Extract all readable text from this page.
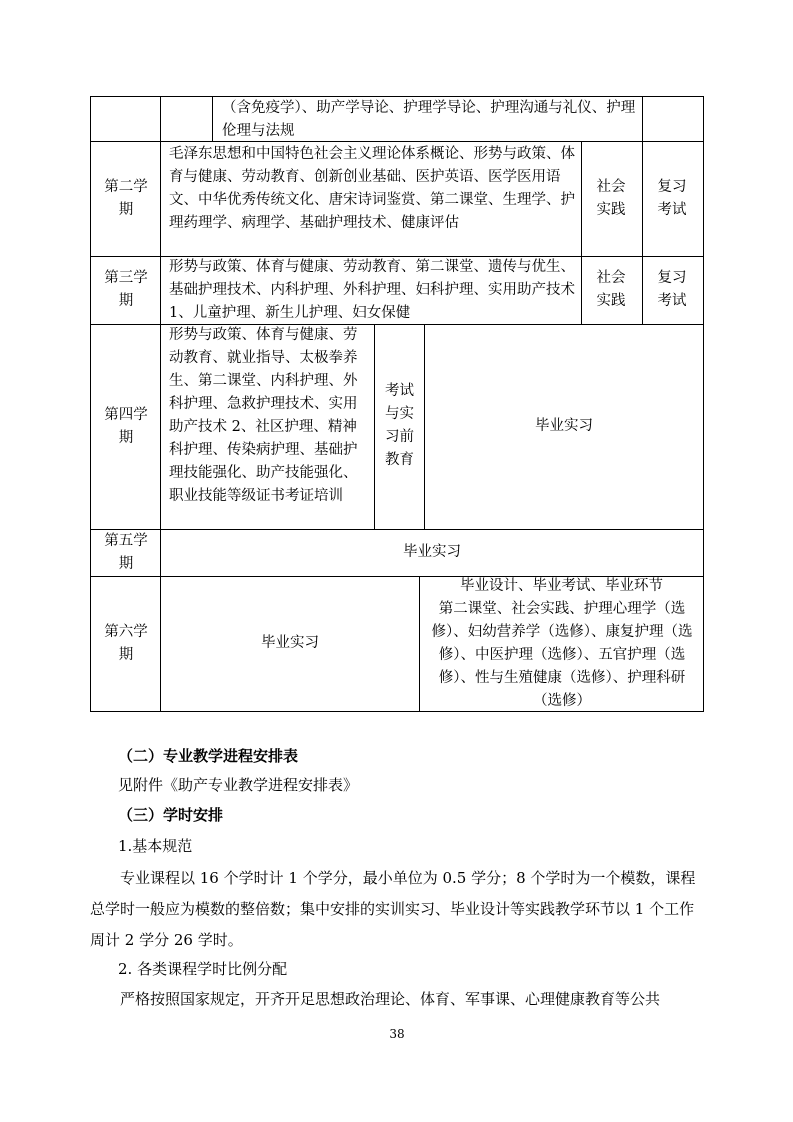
（含免疫学）、助产学导论、护理学导论、护理沟通与礼仪、护理伦理与法规
第二学期
毛泽东思想和中国特色社会主义理论体系概论、形势与政策、体育与健康、劳动教育、创新创业基础、医护英语、医学医用语文、中华优秀传统文化、唐宋诗词鉴赏、第二课堂、生理学、护理药理学、病理学、基础护理技术、健康评估
社会实践
复习考试
第三学期
形势与政策、体育与健康、劳动教育、第二课堂、遗传与优生、基础护理技术、内科护理、外科护理、妇科护理、实用助产技术 1、儿童护理、新生儿护理、妇女保健
社会实践
复习考试
第四学期
形势与政策、体育与健康、劳动教育、就业指导、太极拳养生、第二课堂、内科护理、外科护理、急救护理技术、实用助产技术 2、社区护理、精神科护理、传染病护理、基础护理技能强化、助产技能强化、职业技能等级证书考证培训
考试与实习前教育
毕业实习
第五学期
毕业实习
第六学期
毕业实习
毕业设计、毕业考试、毕业环节
第二课堂、社会实践、护理心理学（选修）、妇幼营养学（选修）、康复护理（选修）、中医护理（选修）、五官护理（选修）、性与生殖健康（选修）、护理科研（选修）
（二）专业教学进程安排表
见附件《助产专业教学进程安排表》
（三）学时安排
1.基本规范
专业课程以 16 个学时计 1 个学分，最小单位为 0.5 学分；8 个学时为一个模数，课程总学时一般应为模数的整倍数；集中安排的实训实习、毕业设计等实践教学环节以 1 个工作周计 2 学分 26 学时。
2. 各类课程学时比例分配
严格按照国家规定，开齐开足思想政治理论、体育、军事课、心理健康教育等公共
38
